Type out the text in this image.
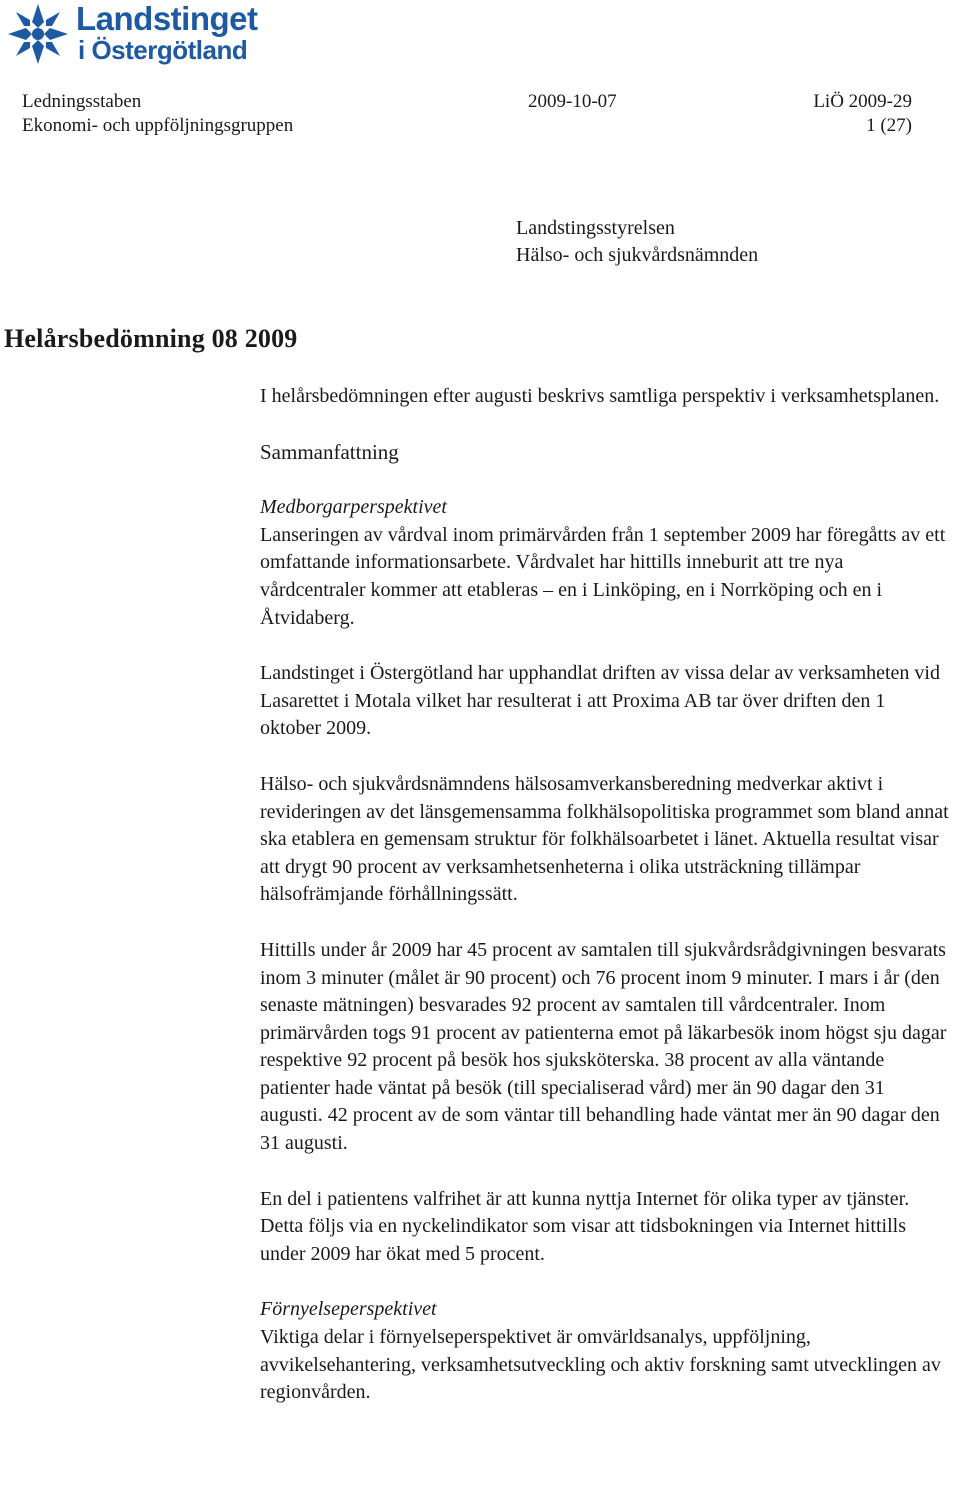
Landstinget
i Östergötland
Ledningsstaben	2009-10-07	LiÖ 2009-29
Ekonomi- och uppföljningsgruppen	1 (27)
Landstingsstyrelsen
Hälso- och sjukvårdsnämnden
Helårsbedömning 08 2009

I helårsbedömningen efter augusti beskrivs samtliga perspektiv i verksamhetsplanen.

Sammanfattning
Medborgarperspektivet

Lanseringen av vårdval inom primärvården från 1 september 2009 har föregåtts av ett omfattande informationsarbete. Vårdvalet har hittills inneburit att tre nya vårdcentraler kommer att etableras – en i Linköping, en i Norrköping och en i Åtvidaberg.

Landstinget i Östergötland har upphandlat driften av vissa delar av verksamheten vid Lasarettet i Motala vilket har resulterat i att Proxima AB tar över driften den 1 oktober 2009.

Hälso- och sjukvårdsnämndens hälsosamverkansberedning medverkar aktivt i revideringen av det länsgemensamma folkhälsopolitiska programmet som bland annat ska etablera en gemensam struktur för folkhälsoarbetet i länet. Aktuella resultat visar att drygt 90 procent av verksamhetsenheterna i olika utsträckning tillämpar hälsofrämjande förhållningssätt.

Hittills under år 2009 har 45 procent av samtalen till sjukvårdsrådgivningen besvarats inom 3 minuter (målet är 90 procent) och 76 procent inom 9 minuter. I mars i år (den senaste mätningen) besvarades 92 procent av samtalen till vårdcentraler. Inom primärvården togs 91 procent av patienterna emot på läkarbesök inom högst sju dagar respektive 92 procent på besök hos sjuksköterska. 38 procent av alla väntande patienter hade väntat på besök (till specialiserad vård) mer än 90 dagar den 31 augusti. 42 procent av de som väntar till behandling hade väntat mer än 90 dagar den 31 augusti.

En del i patientens valfrihet är att kunna nyttja Internet för olika typer av tjänster. Detta följs via en nyckelindikator som visar att tidsbokningen via Internet hittills under 2009 har ökat med 5 procent.

Förnyelseperspektivet

Viktiga delar i förnyelseperspektivet är omvärldsanalys, uppföljning, avvikelsehantering, verksamhetsutveckling och aktiv forskning samt utvecklingen av regionvården.
